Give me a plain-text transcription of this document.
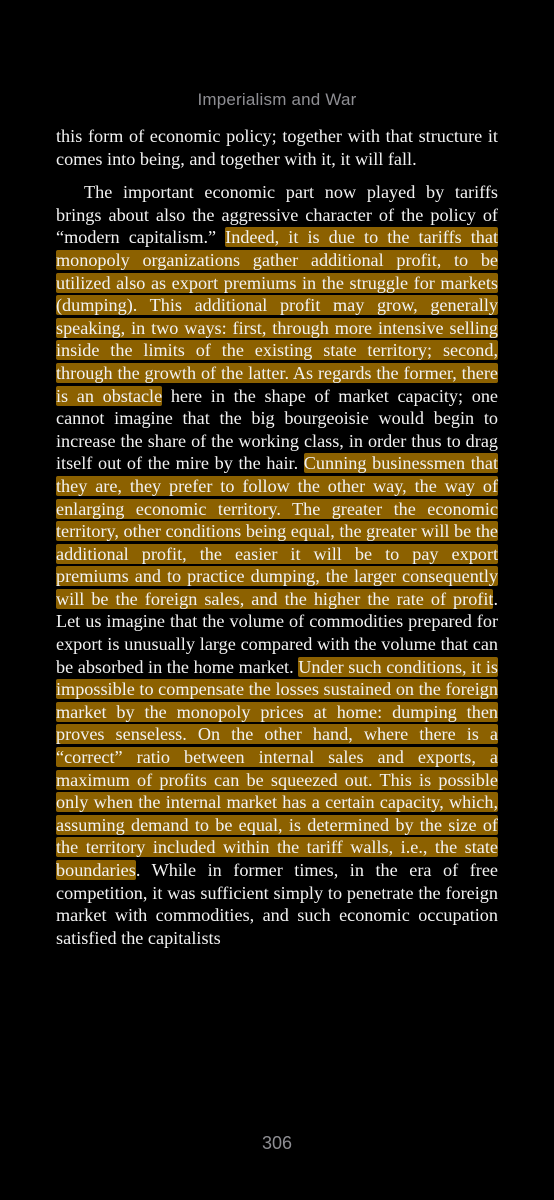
Imperialism and War

this form of economic policy; together with that structure it comes into being, and together with it, it will fall.

The important economic part now played by tariffs brings about also the aggressive character of the policy of “modern capitalism.” Indeed, it is due to the tariffs that monopoly organizations gather additional profit, to be utilized also as export premiums in the struggle for markets (dumping). This additional profit may grow, generally speaking, in two ways: first, through more intensive selling inside the limits of the existing state territory; second, through the growth of the latter. As regards the former, there is an obstacle here in the shape of market capacity; one cannot imagine that the big bourgeoisie would begin to increase the share of the working class, in order thus to drag itself out of the mire by the hair. Cunning businessmen that they are, they prefer to follow the other way, the way of enlarging economic territory. The greater the economic territory, other conditions being equal, the greater will be the additional profit, the easier it will be to pay export premiums and to practice dumping, the larger consequently will be the foreign sales, and the higher the rate of profit. Let us imagine that the volume of commodities prepared for export is unusually large compared with the volume that can be absorbed in the home market. Under such conditions, it is impossible to compensate the losses sustained on the foreign market by the monopoly prices at home: dumping then proves senseless. On the other hand, where there is a “correct” ratio between internal sales and exports, a maximum of profits can be squeezed out. This is possible only when the internal market has a certain capacity, which, assuming demand to be equal, is determined by the size of the territory included within the tariff walls, i.e., the state boundaries. While in former times, in the era of free competition, it was sufficient simply to penetrate the foreign market with commodities, and such economic occupation satisfied the capitalists

306
